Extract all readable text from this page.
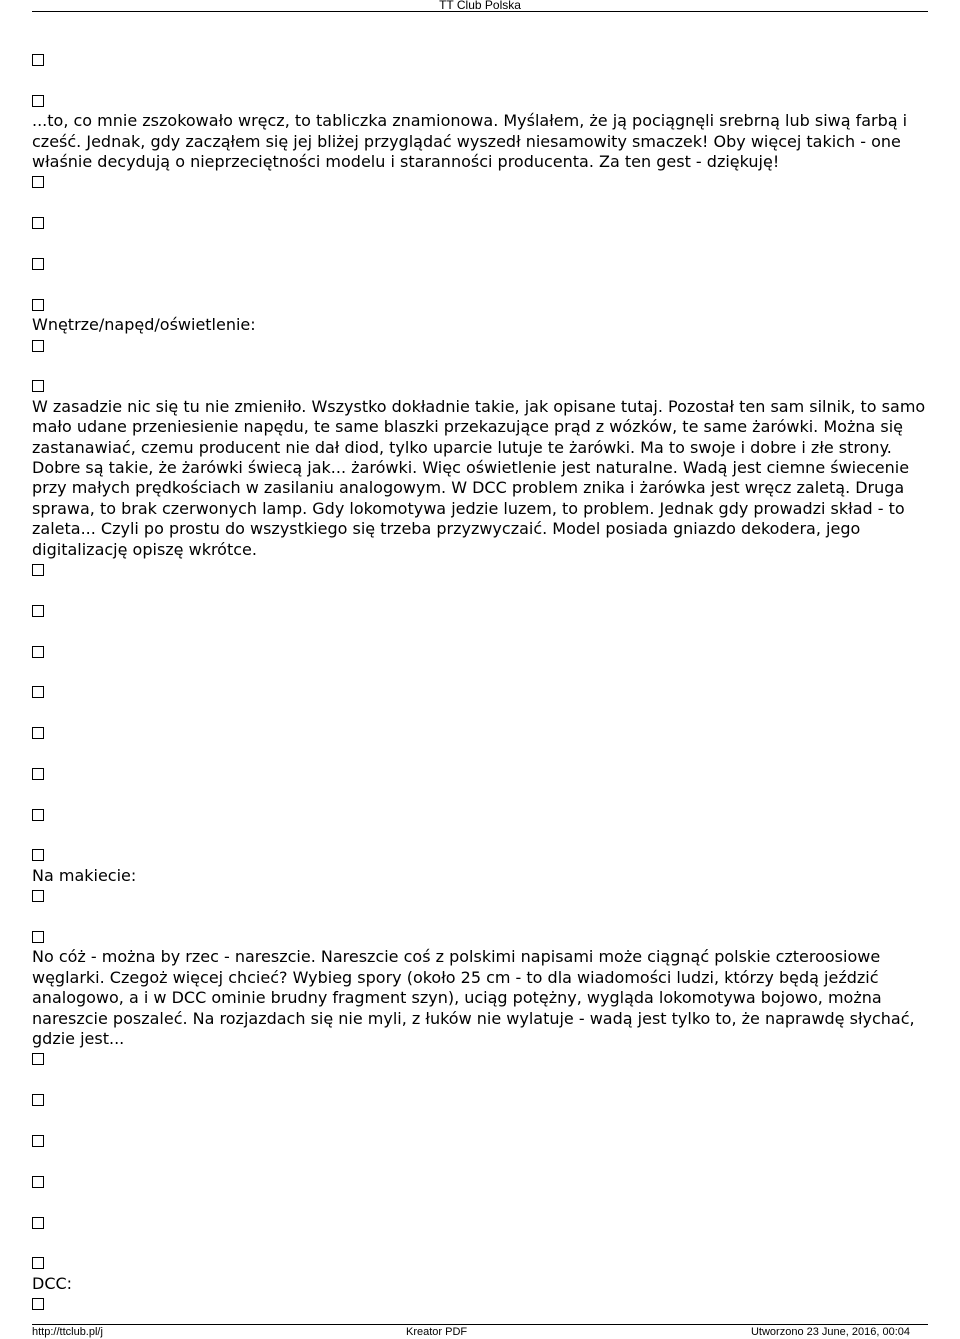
TT Club Polska

...to, co mnie zszokowało wręcz, to tabliczka znamionowa. Myślałem, że ją pociągnęli srebrną lub siwą farbą i cześć. Jednak, gdy zacząłem się jej bliżej przyglądać wyszedł niesamowity smaczek! Oby więcej takich - one właśnie decydują o nieprzeciętności modelu i staranności producenta. Za ten gest - dziękuję!

Wnętrze/napęd/oświetlenie:

W zasadzie nic się tu nie zmieniło. Wszystko dokładnie takie, jak opisane tutaj. Pozostał ten sam silnik, to samo mało udane przeniesienie napędu, te same blaszki przekazujące prąd z wózków, te same żarówki. Można się zastanawiać, czemu producent nie dał diod, tylko uparcie lutuje te żarówki. Ma to swoje i dobre i złe strony. Dobre są takie, że żarówki świecą jak... żarówki. Więc oświetlenie jest naturalne. Wadą jest ciemne świecenie przy małych prędkościach w zasilaniu analogowym. W DCC problem znika i żarówka jest wręcz zaletą. Druga sprawa, to brak czerwonych lamp. Gdy lokomotywa jedzie luzem, to problem. Jednak gdy prowadzi skład - to zaleta... Czyli po prostu do wszystkiego się trzeba przyzwyczaić. Model posiada gniazdo dekodera, jego digitalizację opiszę wkrótce.

Na makiecie:

No cóż - można by rzec - nareszcie. Nareszcie coś z polskimi napisami może ciągnąć polskie czteroosiowe węglarki. Czegoż więcej chcieć? Wybieg spory (około 25 cm - to dla wiadomości ludzi, którzy będą jeździć analogowo, a i w DCC ominie brudny fragment szyn), uciąg potężny, wygląda lokomotywa bojowo, można nareszcie poszaleć. Na rozjazdach się nie myli, z łuków nie wylatuje - wadą jest tylko to, że naprawdę słychać, gdzie jest...

DCC:

http://ttclub.pl/j	Kreator PDF	Utworzono 23 June, 2016, 00:04
